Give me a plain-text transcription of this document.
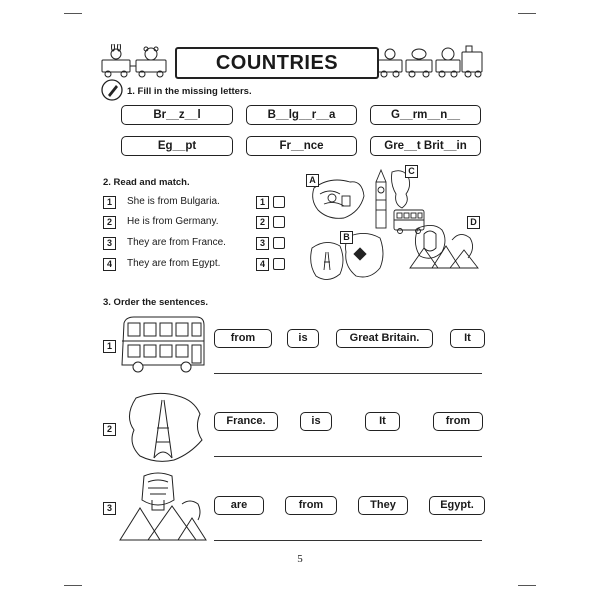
COUNTRIES
1. Fill in the missing letters.
Br__z__l	B__lg__r__a	G__rm__n__
Eg__pt	Fr__nce	Gre__t Brit__in
2. Read and match.
1	She is from Bulgaria.
2	He is from Germany.
3	They are from France.
4	They are from Egypt.
1
2
3
4
A
B
C
D
3. Order the sentences.
1
from	is	Great Britain.	It
2
France.	is	It	from
3	are	from	They	Egypt.
5
